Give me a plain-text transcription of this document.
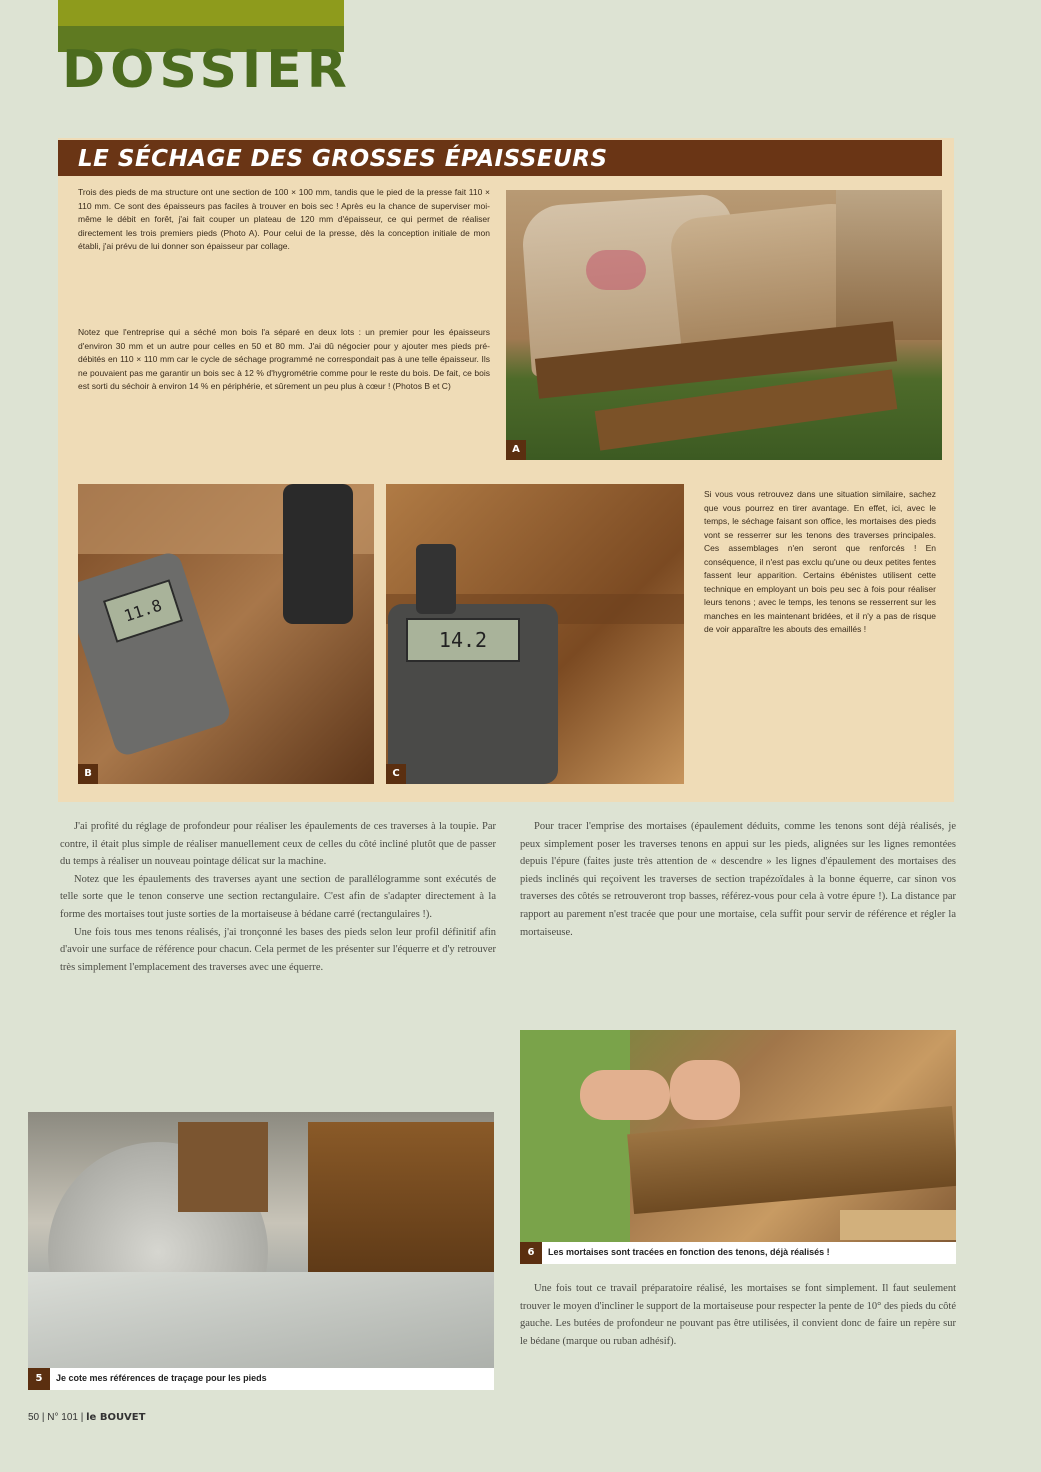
DOSSIER
LE SÉCHAGE DES GROSSES ÉPAISSEURS
Trois des pieds de ma structure ont une section de 100 × 100 mm, tandis que le pied de la presse fait 110 × 110 mm. Ce sont des épaisseurs pas faciles à trouver en bois sec ! Après eu la chance de superviser moi-même le débit en forêt, j'ai fait couper un plateau de 120 mm d'épaisseur, ce qui permet de réaliser directement les trois premiers pieds (Photo A). Pour celui de la presse, dès la conception initiale de mon établi, j'ai prévu de lui donner son épaisseur par collage.
Notez que l'entreprise qui a séché mon bois l'a séparé en deux lots : un premier pour les épaisseurs d'environ 30 mm et un autre pour celles en 50 et 80 mm. J'ai dû négocier pour y ajouter mes pieds pré-débités en 110 × 110 mm car le cycle de séchage programmé ne correspondait pas à une telle épaisseur. Ils ne pouvaient pas me garantir un bois sec à 12 % d'hygrométrie comme pour le reste du bois. De fait, ce bois est sorti du séchoir à environ 14 % en périphérie, et sûrement un peu plus à cœur ! (Photos B et C)
Si vous vous retrouvez dans une situation similaire, sachez que vous pourrez en tirer avantage. En effet, ici, avec le temps, le séchage faisant son office, les mortaises des pieds vont se resserrer sur les tenons des traverses principales. Ces assemblages n'en seront que renforcés ! En conséquence, il n'est pas exclu qu'une ou deux petites fentes fassent leur apparition. Certains ébénistes utilisent cette technique en employant un bois peu sec à fois pour réaliser leurs tenons ; avec le temps, les tenons se resserrent sur les manches en les maintenant bridées, et il n'y a pas de risque de voir apparaître les abouts des emaillés !
A
11.8
B
14.2
C

J'ai profité du réglage de profondeur pour réaliser les épaulements de ces traverses à la toupie. Par contre, il était plus simple de réaliser manuellement ceux de celles du côté incliné plutôt que de passer du temps à réaliser un nouveau pointage délicat sur la machine.

Notez que les épaulements des traverses ayant une section de parallélogramme sont exécutés de telle sorte que le tenon conserve une section rectangulaire. C'est afin de s'adapter directement à la forme des mortaises tout juste sorties de la mortaiseuse à bédane carré (rectangulaires !).

Une fois tous mes tenons réalisés, j'ai tronçonné les bases des pieds selon leur profil définitif afin d'avoir une surface de référence pour chacun. Cela permet de les présenter sur l'équerre et d'y retrouver très simplement l'emplacement des traverses avec une équerre.

Pour tracer l'emprise des mortaises (épaulement déduits, comme les tenons sont déjà réalisés, je peux simplement poser les traverses tenons en appui sur les pieds, alignées sur les lignes remontées depuis l'épure (faites juste très attention de « descendre » les lignes d'épaulement des mortaises des pieds inclinés qui reçoivent les traverses de section trapézoïdales à la bonne équerre, car sinon vos traverses des côtés se retrouveront trop basses, référez-vous pour cela à votre épure !). La distance par rapport au parement n'est tracée que pour une mortaise, cela suffit pour servir de référence et régler la mortaiseuse.

Une fois tout ce travail préparatoire réalisé, les mortaises se font simplement. Il faut seulement trouver le moyen d'incliner le support de la mortaiseuse pour respecter la pente de 10° des pieds du côté gauche. Les butées de profondeur ne pouvant pas être utilisées, il convient donc de faire un repère sur le bédane (marque ou ruban adhésif).

5 Je cote mes références de traçage pour les pieds
6 Les mortaises sont tracées en fonction des tenons, déjà réalisés !
50 | N° 101 | le BOUVET
